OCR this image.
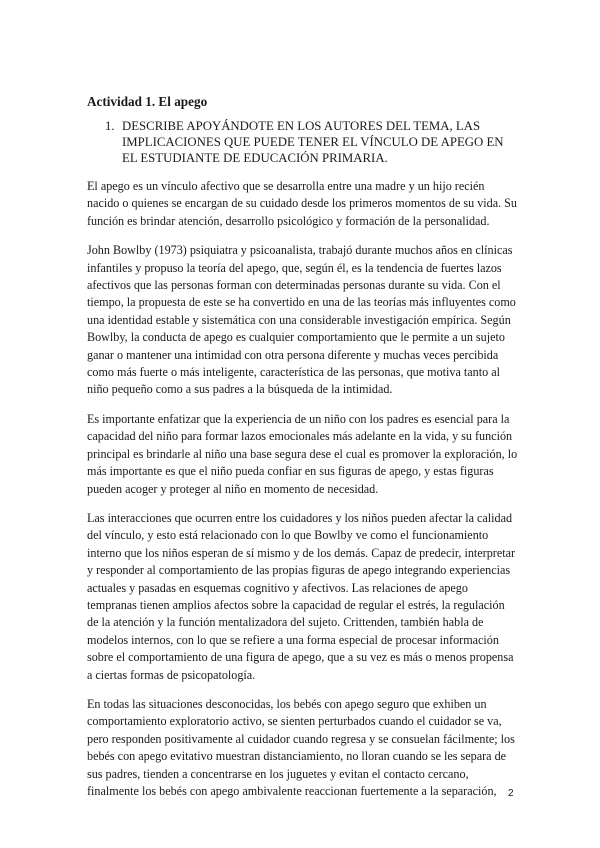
Actividad 1. El apego
1. DESCRIBE APOYÁNDOTE EN LOS AUTORES DEL TEMA, LAS IMPLICACIONES QUE PUEDE TENER EL VÍNCULO DE APEGO EN EL ESTUDIANTE DE EDUCACIÓN PRIMARIA.

El apego es un vínculo afectivo que se desarrolla entre una madre y un hijo recién nacido o quienes se encargan de su cuidado desde los primeros momentos de su vida. Su función es brindar atención, desarrollo psicológico y formación de la personalidad.

John Bowlby (1973) psiquiatra y psicoanalista, trabajó durante muchos años en clínicas infantiles y propuso la teoría del apego, que, según él, es la tendencia de fuertes lazos afectivos que las personas forman con determinadas personas durante su vida. Con el tiempo, la propuesta de este se ha convertido en una de las teorías más influyentes como una identidad estable y sistemática con una considerable investigación empírica. Según Bowlby, la conducta de apego es cualquier comportamiento que le permite a un sujeto ganar o mantener una intimidad con otra persona diferente y muchas veces percibida como más fuerte o más inteligente, característica de las personas, que motiva tanto al niño pequeño como a sus padres a la búsqueda de la intimidad.

Es importante enfatizar que la experiencia de un niño con los padres es esencial para la capacidad del niño para formar lazos emocionales más adelante en la vida, y su función principal es brindarle al niño una base segura dese el cual es promover la exploración, lo más importante es que el niño pueda confiar en sus figuras de apego, y estas figuras pueden acoger y proteger al niño en momento de necesidad.

Las interacciones que ocurren entre los cuidadores y los niños pueden afectar la calidad del vínculo, y esto está relacionado con lo que Bowlby ve como el funcionamiento interno que los niños esperan de sí mismo y de los demás. Capaz de predecir, interpretar y responder al comportamiento de las propias figuras de apego integrando experiencias actuales y pasadas en esquemas cognitivo y afectivos. Las relaciones de apego tempranas tienen amplios afectos sobre la capacidad de regular el estrés, la regulación de la atención y la función mentalizadora del sujeto. Crittenden, también habla de modelos internos, con lo que se refiere a una forma especial de procesar información sobre el comportamiento de una figura de apego, que a su vez es más o menos propensa a ciertas formas de psicopatología.

En todas las situaciones desconocidas, los bebés con apego seguro que exhiben un comportamiento exploratorio activo, se sienten perturbados cuando el cuidador se va, pero responden positivamente al cuidador cuando regresa y se consuelan fácilmente; los bebés con apego evitativo muestran distanciamiento, no lloran cuando se les separa de sus padres, tienden a concentrarse en los juguetes y evitan el contacto cercano, finalmente los bebés con apego ambivalente reaccionan fuertemente a la separación,	2
